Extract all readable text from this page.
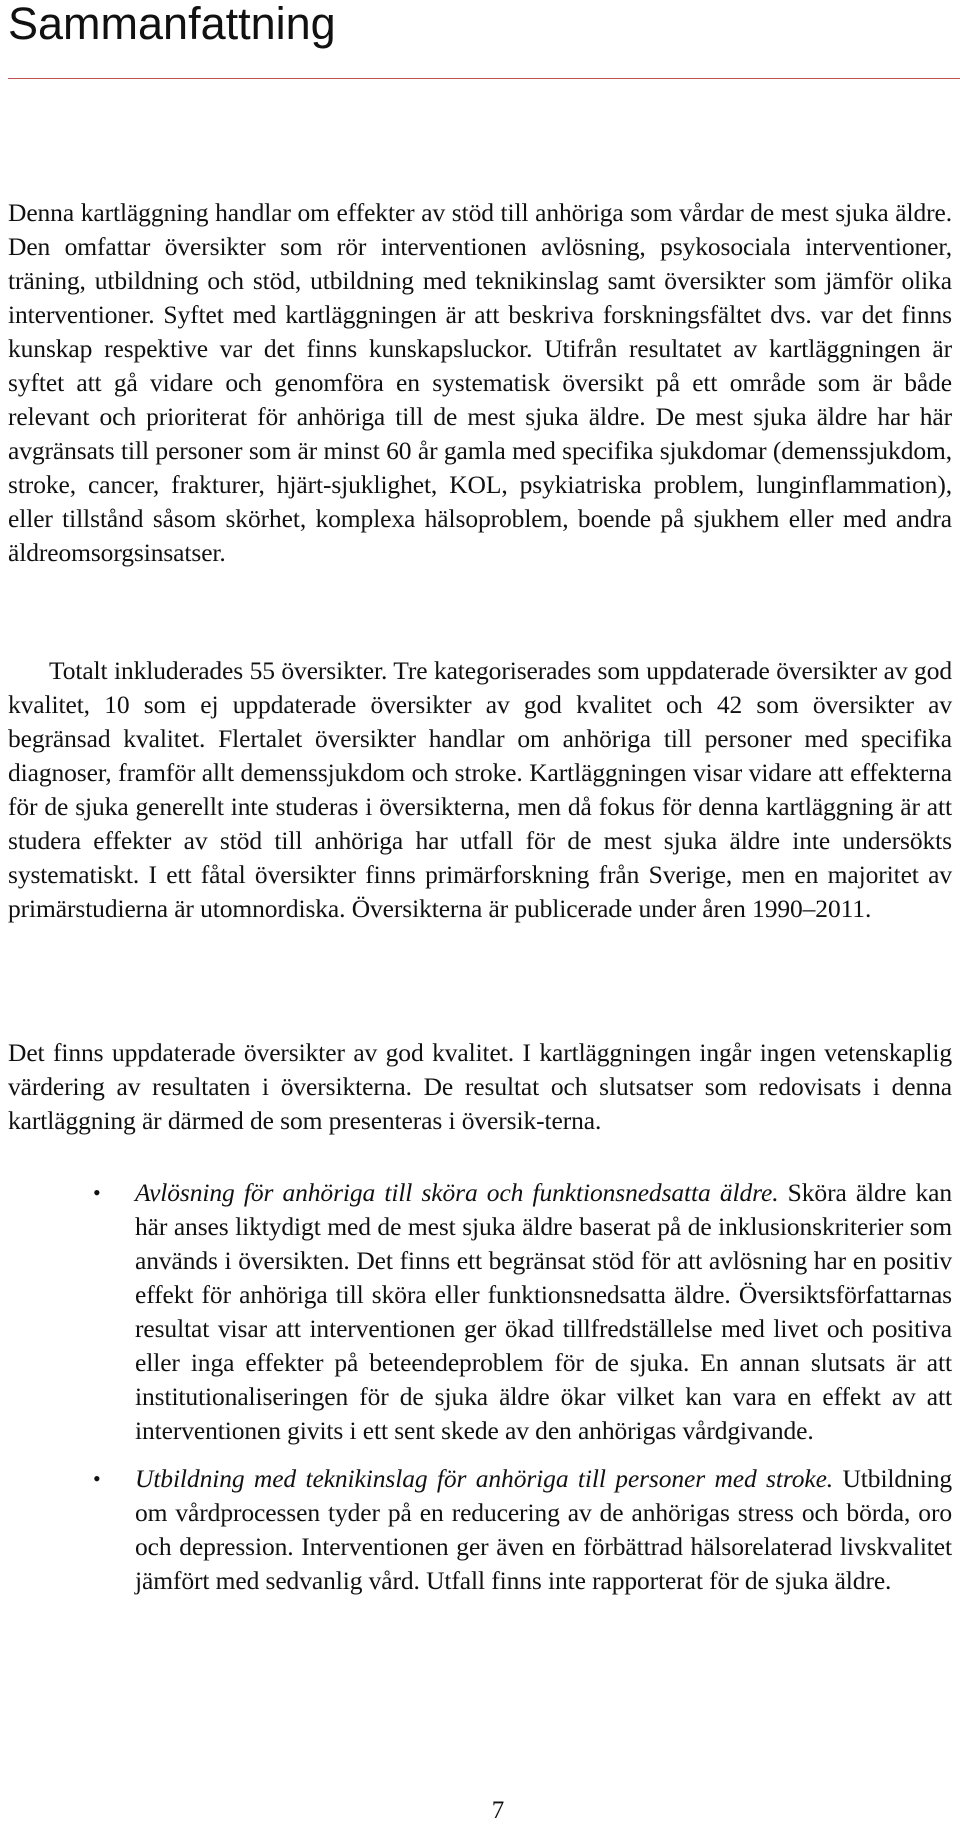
Sammanfattning

Denna kartläggning handlar om effekter av stöd till anhöriga som vårdar de mest sjuka äldre. Den omfattar översikter som rör interventionen avlösning, psykosociala interventioner, träning, utbildning och stöd, utbildning med teknikinslag samt översikter som jämför olika interventioner. Syftet med kartläggningen är att beskriva forskningsfältet dvs. var det finns kunskap respektive var det finns kunskapsluckor. Utifrån resultatet av kartläggningen är syftet att gå vidare och genomföra en systematisk översikt på ett område som är både relevant och prioriterat för anhöriga till de mest sjuka äldre. De mest sjuka äldre har här avgränsats till personer som är minst 60 år gamla med specifika sjukdomar (demenssjukdom, stroke, cancer, frakturer, hjärt-sjuklighet, KOL, psykiatriska problem, lunginflammation), eller tillstånd såsom skörhet, komplexa hälsoproblem, boende på sjukhem eller med andra äldreomsorgsinsatser.

Totalt inkluderades 55 översikter. Tre kategoriserades som uppdaterade översikter av god kvalitet, 10 som ej uppdaterade översikter av god kvalitet och 42 som översikter av begränsad kvalitet. Flertalet översikter handlar om anhöriga till personer med specifika diagnoser, framför allt demenssjukdom och stroke. Kartläggningen visar vidare att effekterna för de sjuka generellt inte studeras i översikterna, men då fokus för denna kartläggning är att studera effekter av stöd till anhöriga har utfall för de mest sjuka äldre inte undersökts systematiskt. I ett fåtal översikter finns primärforskning från Sverige, men en majoritet av primärstudierna är utomnordiska. Översikterna är publicerade under åren 1990–2011.

Det finns uppdaterade översikter av god kvalitet. I kartläggningen ingår ingen vetenskaplig värdering av resultaten i översikterna. De resultat och slutsatser som redovisats i denna kartläggning är därmed de som presenteras i översik-terna.

• Avlösning för anhöriga till sköra och funktionsnedsatta äldre. Sköra äldre kan här anses liktydigt med de mest sjuka äldre baserat på de inklusionskriterier som används i översikten. Det finns ett begränsat stöd för att avlösning har en positiv effekt för anhöriga till sköra eller funktionsnedsatta äldre. Översiktsförfattarnas resultat visar att interventionen ger ökad tillfredställelse med livet och positiva eller inga effekter på beteendeproblem för de sjuka. En annan slutsats är att institutionaliseringen för de sjuka äldre ökar vilket kan vara en effekt av att interventionen givits i ett sent skede av den anhörigas vårdgivande.
• Utbildning med teknikinslag för anhöriga till personer med stroke. Utbildning om vårdprocessen tyder på en reducering av de anhörigas stress och börda, oro och depression. Interventionen ger även en förbättrad hälsorelaterad livskvalitet jämfört med sedvanlig vård. Utfall finns inte rapporterat för de sjuka äldre.
7
